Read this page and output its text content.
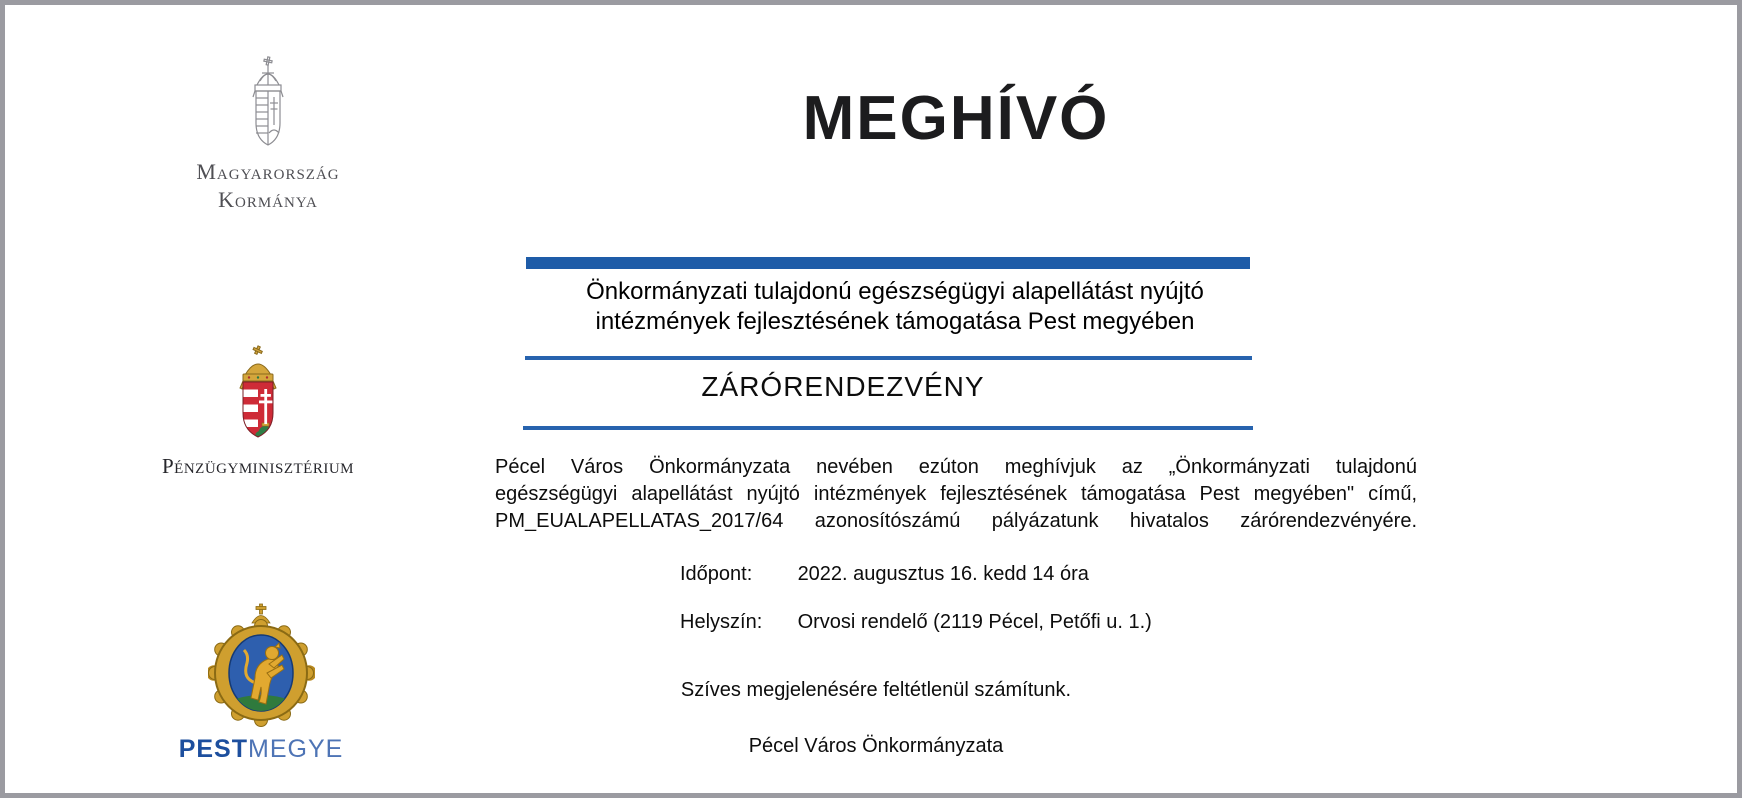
Magyarország
Kormánya
Pénzügyminisztérium
PESTMEGYE
MEGHÍVÓ
Önkormányzati tulajdonú egészségügyi alapellátást nyújtó
intézmények fejlesztésének támogatása Pest megyében
ZÁRÓRENDEZVÉNY
Pécel Város Önkormányzata nevében ezúton meghívjuk az „Önkormányzati tulajdonú
egészségügyi alapellátást nyújtó intézmények fejlesztésének támogatása Pest megyében" című,
PM_EUALAPELLATAS_2017/64 azonosítószámú pályázatunk hivatalos zárórendezvényére.
Időpont: 2022. augusztus 16. kedd 14 óra
Helyszín: Orvosi rendelő (2119 Pécel, Petőfi u. 1.)
Szíves megjelenésére feltétlenül számítunk.
Pécel Város Önkormányzata
